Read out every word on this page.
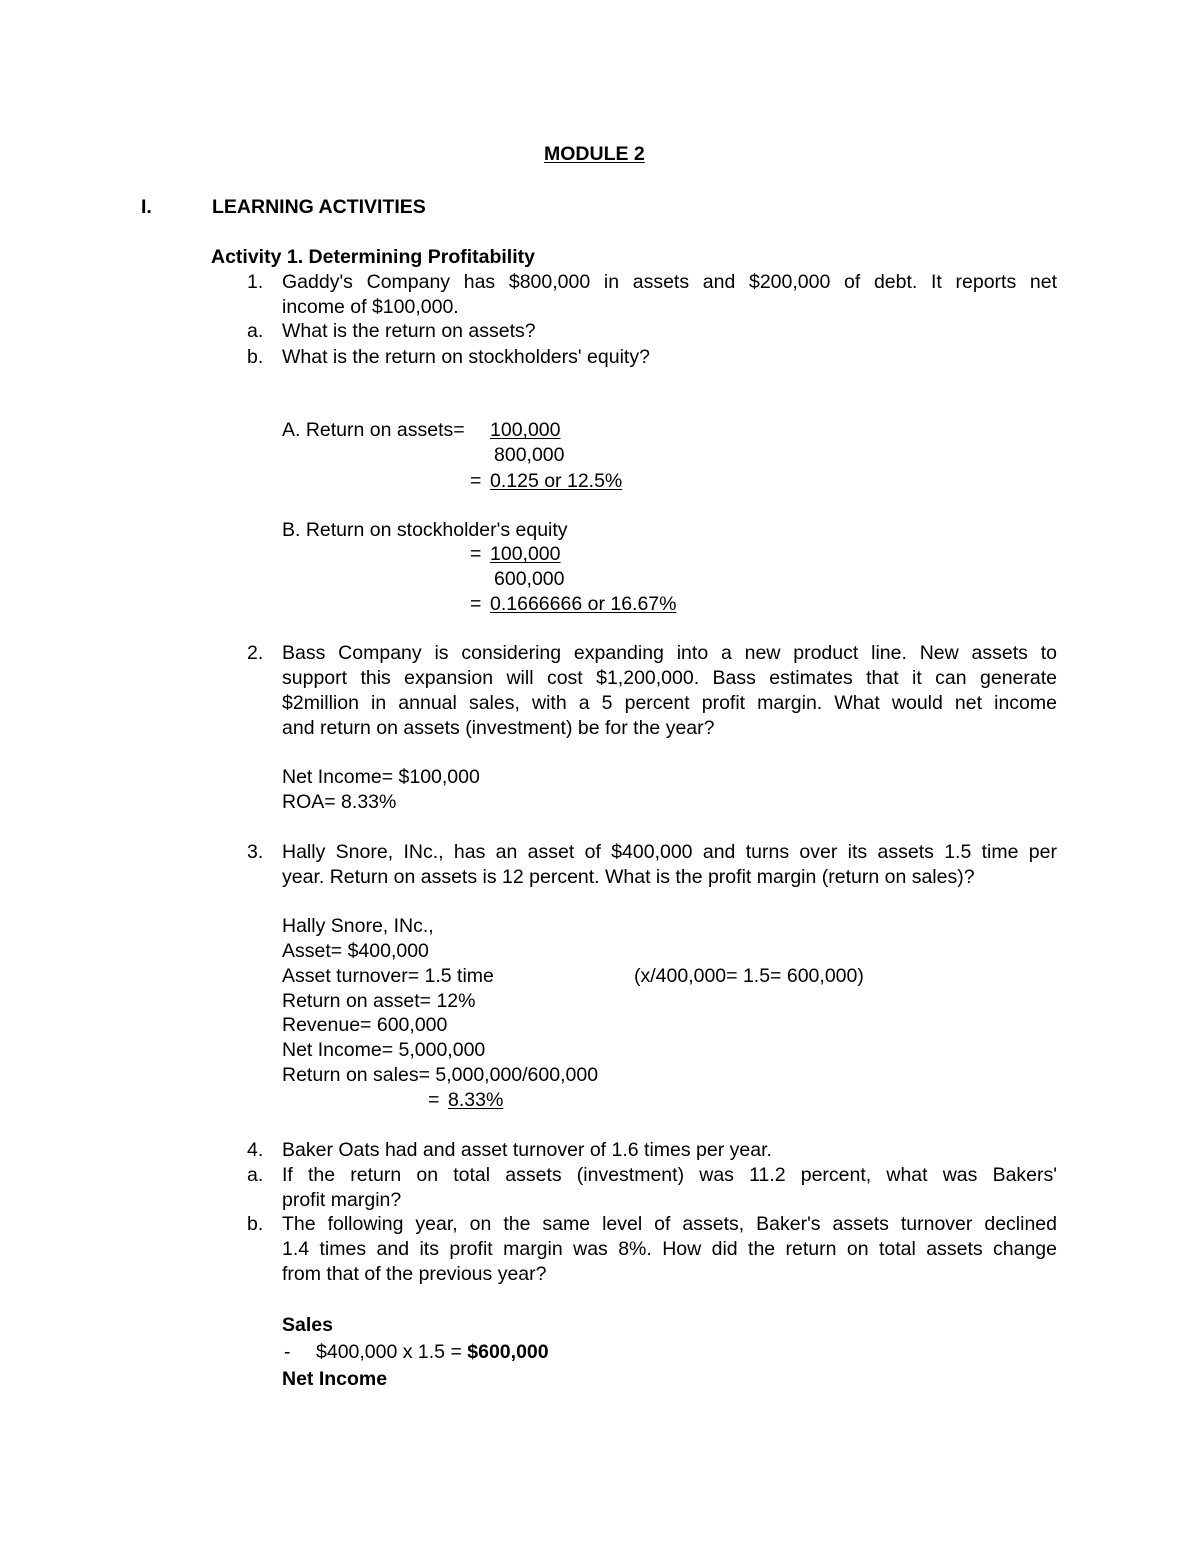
MODULE 2
I.	LEARNING ACTIVITIES
Activity 1. Determining Profitability
1. Gaddy's Company has $800,000 in assets and $200,000 of debt. It reports net
income of $100,000.
a. What is the return on assets?
b. What is the return on stockholders' equity?
A. Return on assets= 100,000
800,000
= 0.125 or 12.5%
B. Return on stockholder's equity
= 100,000
600,000
= 0.1666666 or 16.67%
2. Bass Company is considering expanding into a new product line. New assets to
support this expansion will cost $1,200,000. Bass estimates that it can generate
$2million in annual sales, with a 5 percent profit margin. What would net income
and return on assets (investment) be for the year?
Net Income= $100,000
ROA= 8.33%
3. Hally Snore, INc., has an asset of $400,000 and turns over its assets 1.5 time per
year. Return on assets is 12 percent. What is the profit margin (return on sales)?
Hally Snore, INc.,
Asset= $400,000
Asset turnover= 1.5 time	(x/400,000= 1.5= 600,000)
Return on asset= 12%
Revenue= 600,000
Net Income= 5,000,000
Return on sales= 5,000,000/600,000
= 8.33%
4. Baker Oats had and asset turnover of 1.6 times per year.
a. If the return on total assets (investment) was 11.2 percent, what was Bakers'
profit margin?
b. The following year, on the same level of assets, Baker's assets turnover declined
1.4 times and its profit margin was 8%. How did the return on total assets change
from that of the previous year?
Sales
- $400,000 x 1.5 = $600,000
Net Income
